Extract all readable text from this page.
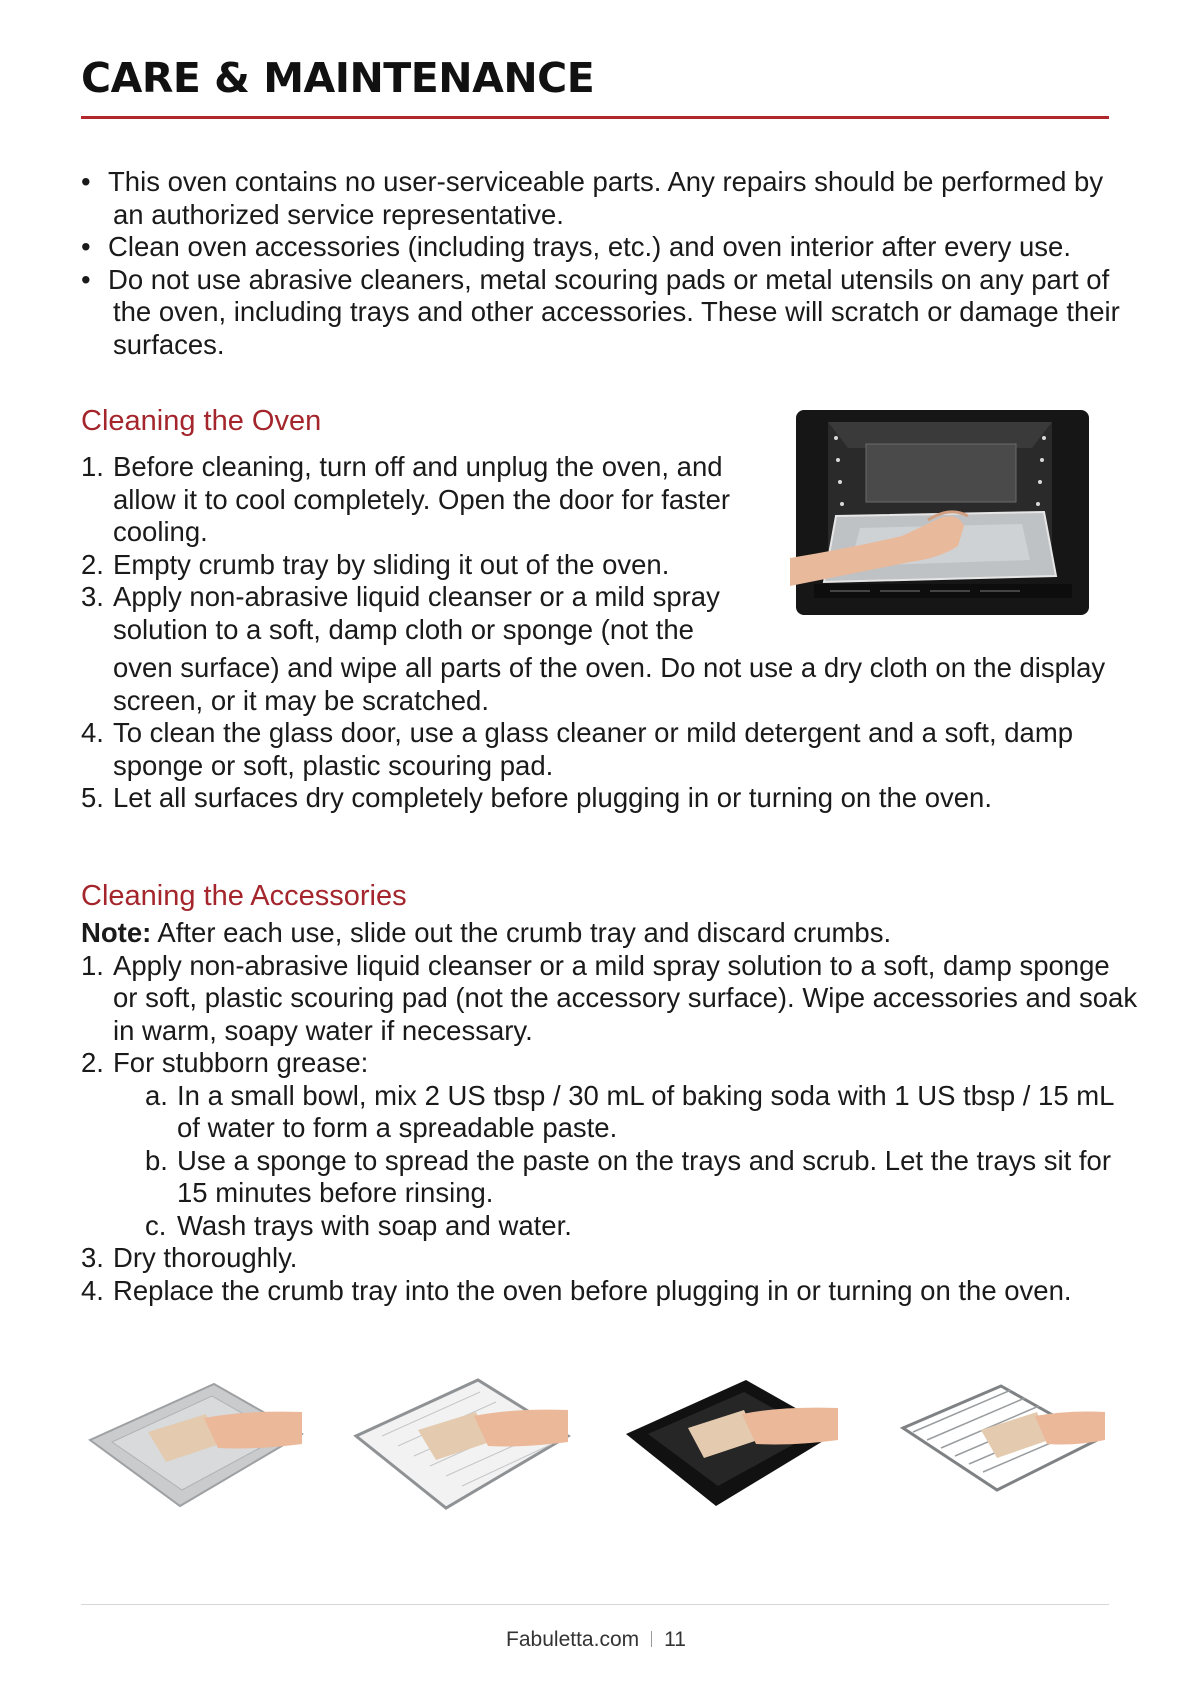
CARE & MAINTENANCE
• This oven contains no user-serviceable parts. Any repairs should be performed by an authorized service representative.
• Clean oven accessories (including trays, etc.) and oven interior after every use.
• Do not use abrasive cleaners, metal scouring pads or metal utensils on any part of the oven, including trays and other accessories. These will scratch or damage their surfaces.
Cleaning the Oven
1. Before cleaning, turn off and unplug the oven, and allow it to cool completely. Open the door for faster cooling.
2. Empty crumb tray by sliding it out of the oven.
3. Apply non-abrasive liquid cleanser or a mild spray solution to a soft, damp cloth or sponge (not the
oven surface) and wipe all parts of the oven. Do not use a dry cloth on the display screen, or it may be scratched.
4. To clean the glass door, use a glass cleaner or mild detergent and a soft, damp sponge or soft, plastic scouring pad.
5. Let all surfaces dry completely before plugging in or turning on the oven.
Cleaning the Accessories
Note: After each use, slide out the crumb tray and discard crumbs.
1. Apply non-abrasive liquid cleanser or a mild spray solution to a soft, damp sponge or soft, plastic scouring pad (not the accessory surface). Wipe accessories and soak in warm, soapy water if necessary.
2. For stubborn grease:
a. In a small bowl, mix 2 US tbsp / 30 mL of baking soda with 1 US tbsp / 15 mL of water to form a spreadable paste.
b. Use a sponge to spread the paste on the trays and scrub. Let the trays sit for 15 minutes before rinsing.
c. Wash trays with soap and water.
3. Dry thoroughly.
4. Replace the crumb tray into the oven before plugging in or turning on the oven.
Fabuletta.com 11
